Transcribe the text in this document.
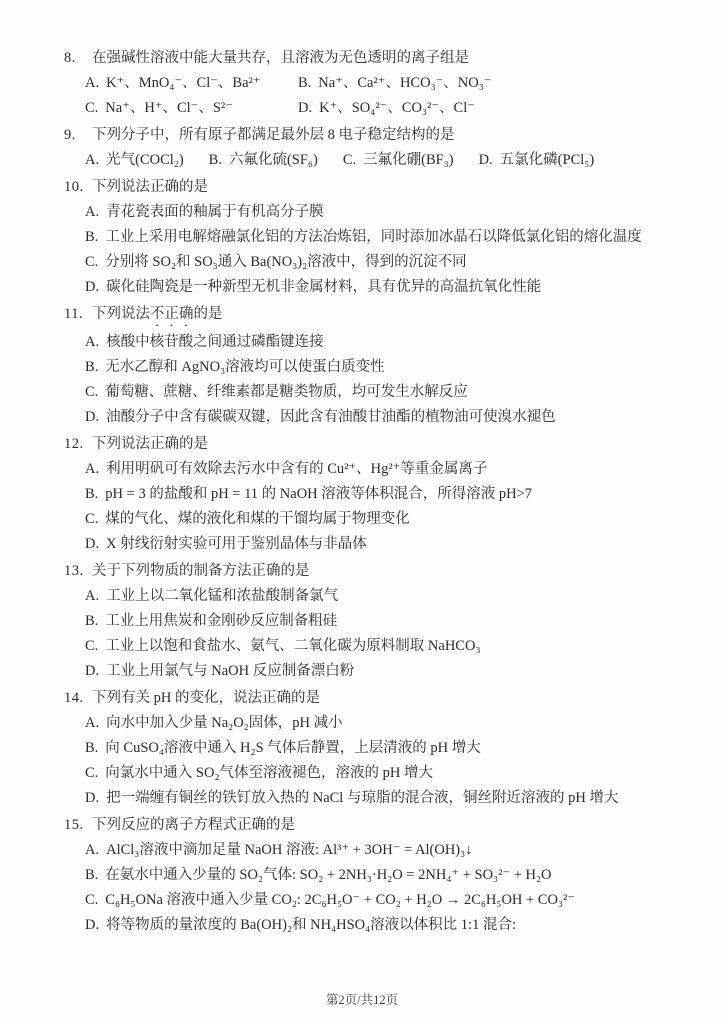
8.	在强碱性溶液中能大量共存，且溶液为无色透明的离子组是
A. K⁺、MnO₄⁻、Cl⁻、Ba²⁺	B. Na⁺、Ca²⁺、HCO₃⁻、NO₃⁻
C. Na⁺、H⁺、Cl⁻、S²⁻	D. K⁺、SO₄²⁻、CO₃²⁻、Cl⁻
9.	下列分子中，所有原子都满足最外层 8 电子稳定结构的是
A. 光气(COCl₂) B. 六氟化硫(SF₆) C. 三氟化硼(BF₃) D. 五氯化磷(PCl₅)
10. 下列说法正确的是
A. 青花瓷表面的釉属于有机高分子膜
B. 工业上采用电解熔融氯化铝的方法冶炼铝，同时添加冰晶石以降低氯化铝的熔化温度
C. 分别将 SO₂和 SO₃通入 Ba(NO₃)₂溶液中，得到的沉淀不同
D. 碳化硅陶瓷是一种新型无机非金属材料，具有优异的高温抗氧化性能
11. 下列说法不正确的是
A. 核酸中核苷酸之间通过磷酯键连接
B. 无水乙醇和 AgNO₃溶液均可以使蛋白质变性
C. 葡萄糖、蔗糖、纤维素都是糖类物质，均可发生水解反应
D. 油酸分子中含有碳碳双键，因此含有油酸甘油酯的植物油可使溴水褪色
12. 下列说法正确的是
A. 利用明矾可有效除去污水中含有的 Cu²⁺、Hg²⁺等重金属离子
B. pH = 3 的盐酸和 pH = 11 的 NaOH 溶液等体积混合，所得溶液 pH>7
C. 煤的气化、煤的液化和煤的干馏均属于物理变化
D. X 射线衍射实验可用于鉴别晶体与非晶体
13. 关于下列物质的制备方法正确的是
A. 工业上以二氧化锰和浓盐酸制备氯气
B. 工业上用焦炭和金刚砂反应制备粗硅
C. 工业上以饱和食盐水、氨气、二氧化碳为原料制取 NaHCO₃
D. 工业上用氯气与 NaOH 反应制备漂白粉
14. 下列有关 pH 的变化，说法正确的是
A. 向水中加入少量 Na₂O₂固体，pH 减小
B. 向 CuSO₄溶液中通入 H₂S 气体后静置，上层清液的 pH 增大
C. 向氯水中通入 SO₂气体至溶液褪色，溶液的 pH 增大
D. 把一端缠有铜丝的铁钉放入热的 NaCl 与琼脂的混合液，铜丝附近溶液的 pH 增大
15. 下列反应的离子方程式正确的是
A. AlCl₃溶液中滴加足量 NaOH 溶液: Al³⁺ + 3OH⁻ = Al(OH)₃↓
B. 在氨水中通入少量的 SO₂气体: SO₂ + 2NH₃·H₂O = 2NH₄⁺ + SO₃²⁻ + H₂O
C. C₆H₅ONa 溶液中通入少量 CO₂: 2C₆H₅O⁻ + CO₂ + H₂O → 2C₆H₅OH + CO₃²⁻
D. 将等物质的量浓度的 Ba(OH)₂和 NH₄HSO₄溶液以体积比 1:1 混合:
第2页/共12页
